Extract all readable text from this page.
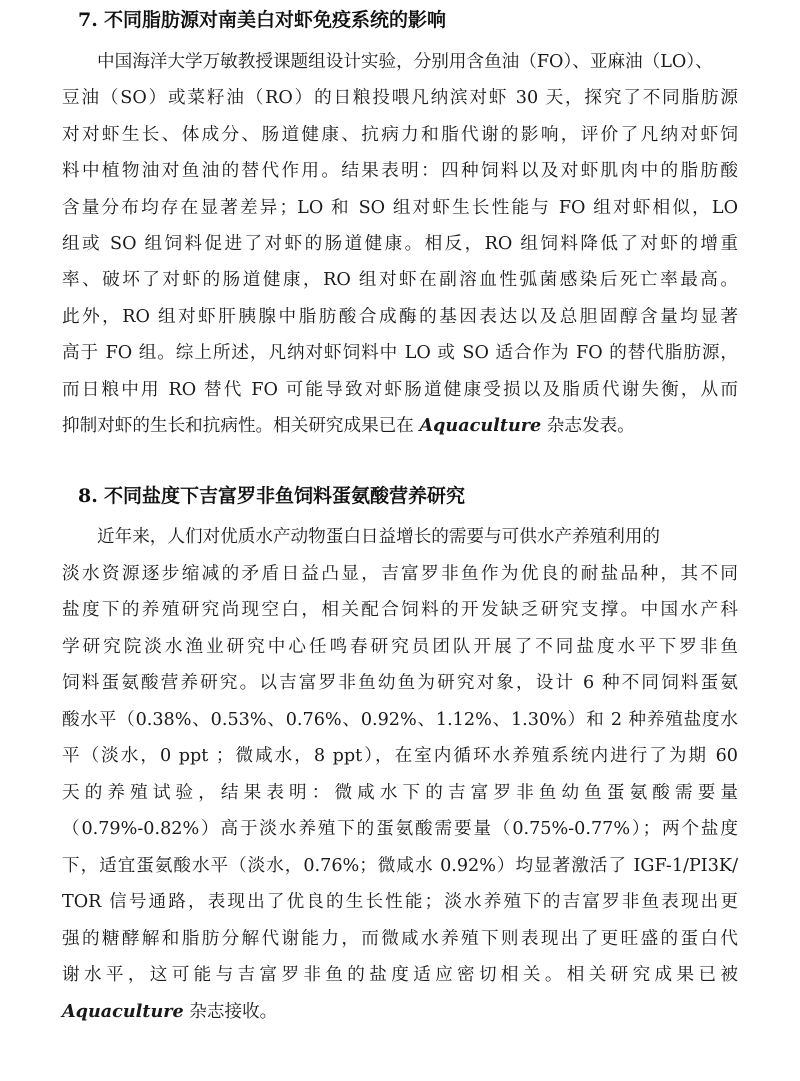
7. 不同脂肪源对南美白对虾免疫系统的影响
中国海洋大学万敏教授课题组设计实验，分别用含鱼油（FO）、亚麻油（LO）、
豆油（SO）或菜籽油（RO）的日粮投喂凡纳滨对虾 30 天，探究了不同脂肪源
对对虾生长、体成分、肠道健康、抗病力和脂代谢的影响，评价了凡纳对虾饲
料中植物油对鱼油的替代作用。结果表明：四种饲料以及对虾肌肉中的脂肪酸
含量分布均存在显著差异；LO 和 SO 组对虾生长性能与 FO 组对虾相似，LO
组或 SO 组饲料促进了对虾的肠道健康。相反，RO 组饲料降低了对虾的增重
率、破坏了对虾的肠道健康，RO 组对虾在副溶血性弧菌感染后死亡率最高。
此外，RO 组对虾肝胰腺中脂肪酸合成酶的基因表达以及总胆固醇含量均显著
高于 FO 组。综上所述，凡纳对虾饲料中 LO 或 SO 适合作为 FO 的替代脂肪源，
而日粮中用 RO 替代 FO 可能导致对虾肠道健康受损以及脂质代谢失衡，从而
抑制对虾的生长和抗病性。相关研究成果已在 Aquaculture 杂志发表。
8. 不同盐度下吉富罗非鱼饲料蛋氨酸营养研究
近年来，人们对优质水产动物蛋白日益增长的需要与可供水产养殖利用的
淡水资源逐步缩减的矛盾日益凸显，吉富罗非鱼作为优良的耐盐品种，其不同
盐度下的养殖研究尚现空白，相关配合饲料的开发缺乏研究支撑。中国水产科
学研究院淡水渔业研究中心任鸣春研究员团队开展了不同盐度水平下罗非鱼
饲料蛋氨酸营养研究。以吉富罗非鱼幼鱼为研究对象，设计 6 种不同饲料蛋氨
酸水平（0.38%、0.53%、0.76%、0.92%、1.12%、1.30%）和 2 种养殖盐度水
平（淡水，0 ppt ；微咸水，8 ppt），在室内循环水养殖系统内进行了为期 60
天的养殖试验，结果表明：微咸水下的吉富罗非鱼幼鱼蛋氨酸需要量
（0.79%-0.82%）高于淡水养殖下的蛋氨酸需要量（0.75%-0.77%）；两个盐度
下，适宜蛋氨酸水平（淡水，0.76%；微咸水 0.92%）均显著激活了 IGF-1/PI3K/
TOR 信号通路，表现出了优良的生长性能；淡水养殖下的吉富罗非鱼表现出更
强的糖酵解和脂肪分解代谢能力，而微咸水养殖下则表现出了更旺盛的蛋白代
谢水平，这可能与吉富罗非鱼的盐度适应密切相关。相关研究成果已被
Aquaculture 杂志接收。
